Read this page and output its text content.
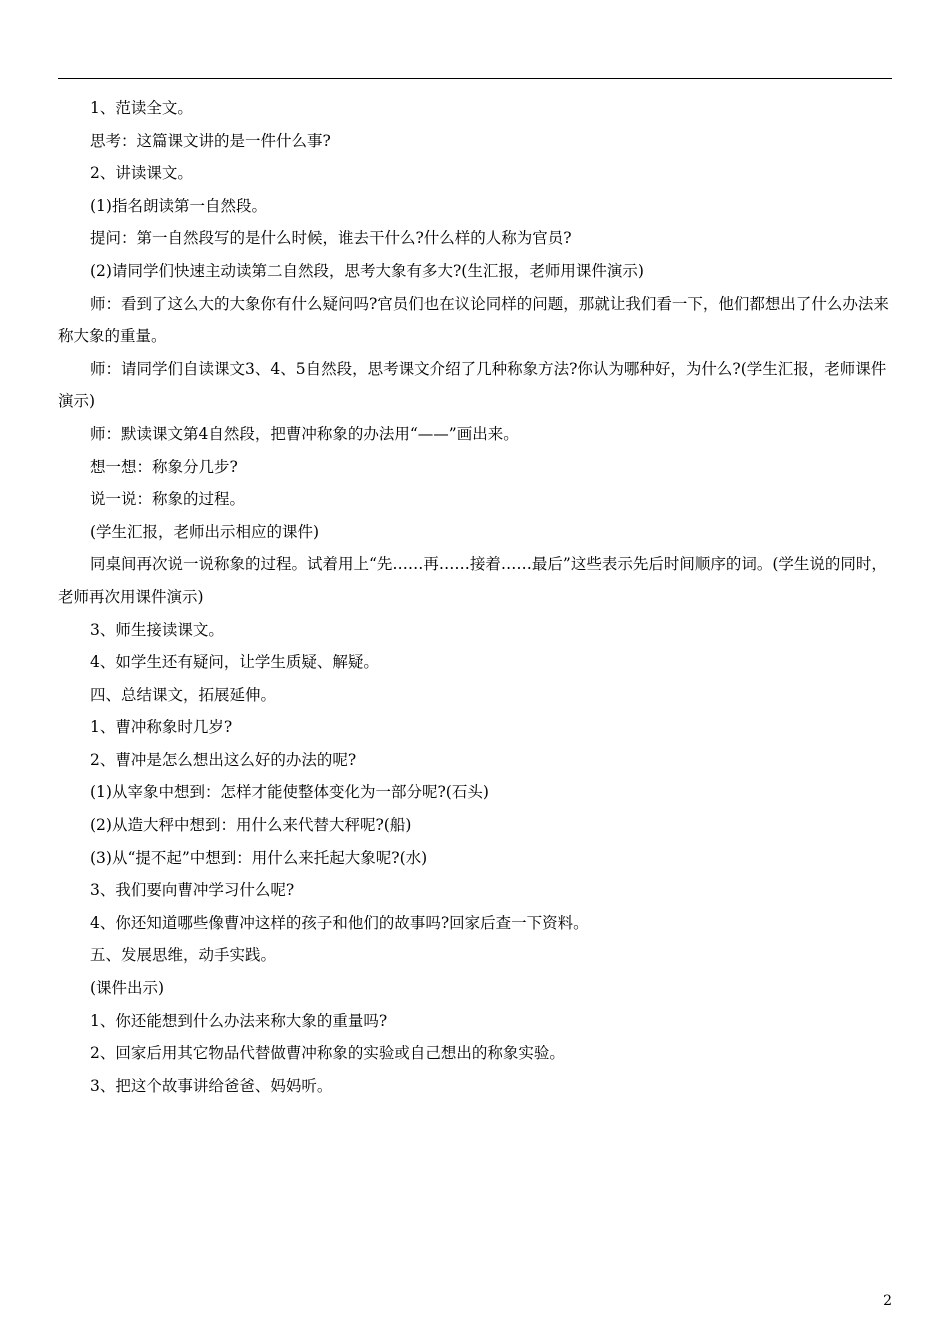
1、范读全文。

思考：这篇课文讲的是一件什么事?

2、讲读课文。

(1)指名朗读第一自然段。

提问：第一自然段写的是什么时候，谁去干什么?什么样的人称为官员?

(2)请同学们快速主动读第二自然段，思考大象有多大?(生汇报，老师用课件演示)

师：看到了这么大的大象你有什么疑问吗?官员们也在议论同样的问题，那就让我们看一下，他们都想出了什么办法来称大象的重量。

师：请同学们自读课文3、4、5自然段，思考课文介绍了几种称象方法?你认为哪种好，为什么?(学生汇报，老师课件演示)

师：默读课文第4自然段，把曹冲称象的办法用“——”画出来。

想一想：称象分几步?

说一说：称象的过程。

(学生汇报，老师出示相应的课件)

同桌间再次说一说称象的过程。试着用上“先……再……接着……最后”这些表示先后时间顺序的词。(学生说的同时，老师再次用课件演示)

3、师生接读课文。

4、如学生还有疑问，让学生质疑、解疑。

四、总结课文，拓展延伸。

1、曹冲称象时几岁?

2、曹冲是怎么想出这么好的办法的呢?

(1)从宰象中想到：怎样才能使整体变化为一部分呢?(石头)

(2)从造大秤中想到：用什么来代替大秤呢?(船)

(3)从“提不起”中想到：用什么来托起大象呢?(水)

3、我们要向曹冲学习什么呢?

4、你还知道哪些像曹冲这样的孩子和他们的故事吗?回家后查一下资料。

五、发展思维，动手实践。

(课件出示)

1、你还能想到什么办法来称大象的重量吗?

2、回家后用其它物品代替做曹冲称象的实验或自己想出的称象实验。

3、把这个故事讲给爸爸、妈妈听。

2
